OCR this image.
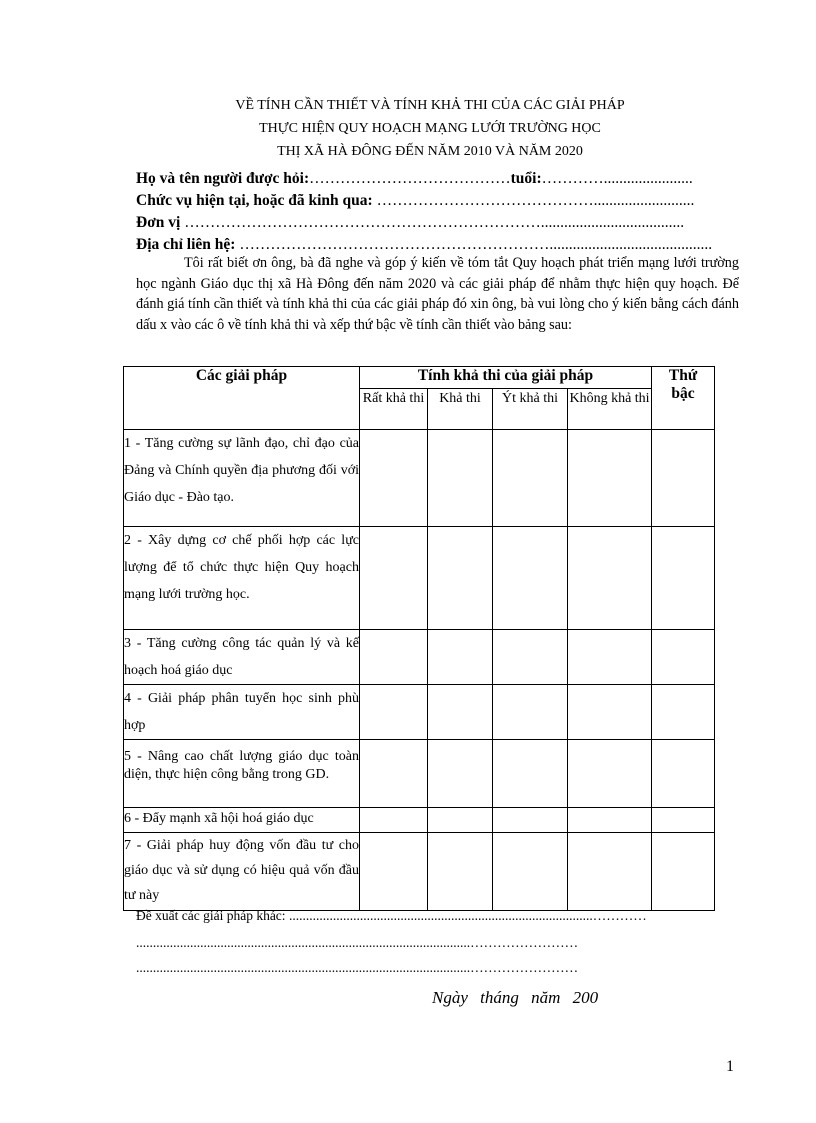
VỀ TÍNH CẦN THIẾT VÀ TÍNH KHẢ THI CỦA CÁC GIẢI PHÁP
THỰC HIỆN QUY HOẠCH MẠNG LƯỚI TRƯỜNG HỌC
THỊ XÃ HÀ ĐÔNG ĐẾN NĂM 2010 VÀ NĂM 2020
Họ và tên người được hỏi:…………………………………tuổi:………….......................
Chức vụ hiện tại, hoặc đã kinh qua: ……………………………………..........................
Đơn vị …………………………………………………………….....................................
Địa chỉ liên hệ: ……………………………………………………..........................................
Tôi rất biết ơn ông, bà đã nghe và góp ý kiến về tóm tắt Quy hoạch phát triển mạng lưới trường học ngành Giáo dục thị xã Hà Đông đến năm 2020 và các giải pháp để nhằm thực hiện quy hoạch. Để đánh giá tính cần thiết và tính khả thi của các giải pháp đó xin ông, bà vui lòng cho ý kiến bằng cách đánh dấu x vào các ô về tính khả thi và xếp thứ bậc về tính cần thiết vào bảng sau:
Các giải pháp	Tính khả thi của giải pháp				Thứ
bậc

	Rất khả thi	Khả thi	Ýt khả thi	Không khả thi	
1 - Tăng cường sự lãnh đạo, chỉ đạo của Đảng và Chính quyền địa phương đối với Giáo dục - Đào tạo.					
2 - Xây dựng cơ chế phối hợp các lực lượng để tổ chức thực hiện Quy hoạch mạng lưới trường học.					
3 - Tăng cường công tác quản lý và kế hoạch hoá giáo dục					
4 - Giải pháp phân tuyển học sinh phù hợp					
5 - Nâng cao chất lượng giáo dục toàn diện, thực hiện công bằng trong GD.					
6 - Đẩy mạnh xã hội hoá giáo dục					
7 - Giải pháp huy động vốn đầu tư cho giáo dục và sử dụng có hiệu quả vốn đầu tư này					
Đề xuất các giải pháp khác: ..........................................................................................…………
...................................................................................................……………………
...................................................................................................……………………
Ngày tháng năm 200
1
